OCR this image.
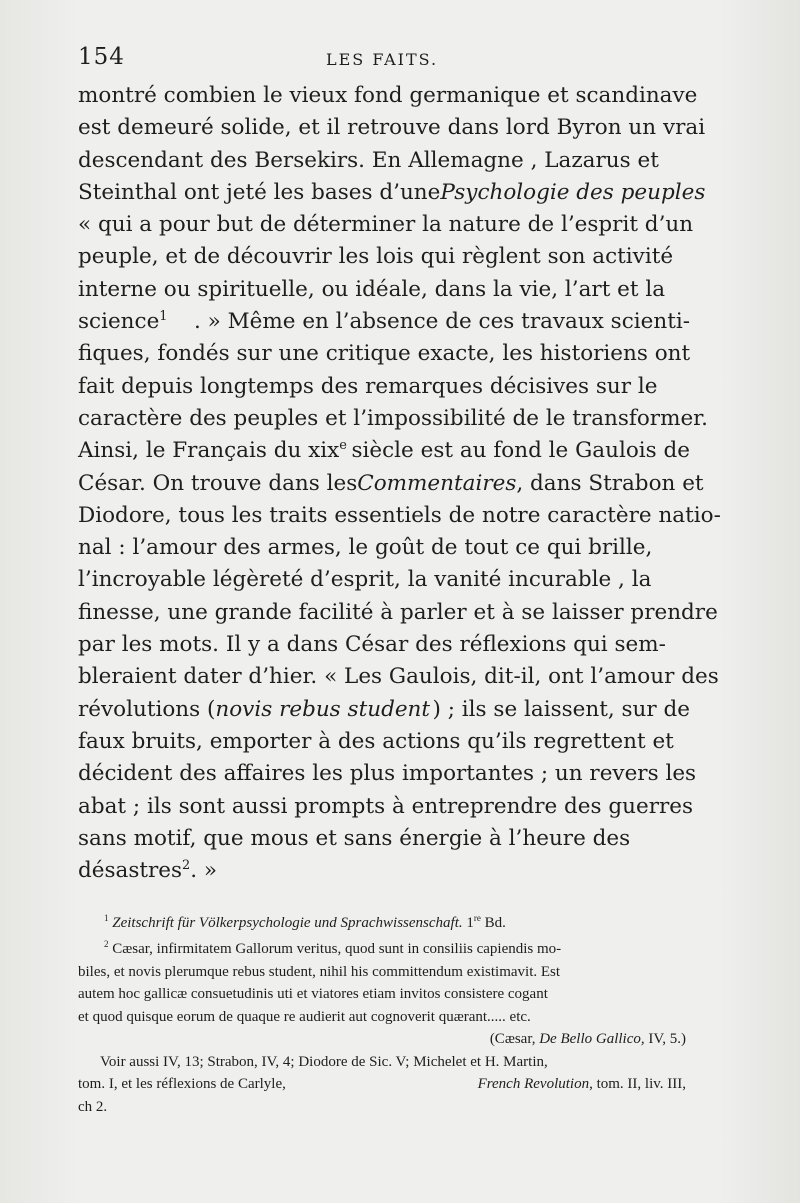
154	LES FAITS.
montré combien le vieux fond germanique et scandinave
est demeuré solide, et il retrouve dans lord Byron un vrai
descendant des Bersekirs. En Allemagne , Lazarus et
Steinthal ont jeté les bases d’une Psychologie des peuples
« qui a pour but de déterminer la nature de l’esprit d’un
peuple, et de découvrir les lois qui règlent son activité
interne ou spirituelle, ou idéale, dans la vie, l’art et la
science$^1$ . » Même en l’absence de ces travaux scienti-
fiques, fondés sur une critique exacte, les historiens ont
fait depuis longtemps des remarques décisives sur le
caractère des peuples et l’impossibilité de le transformer.
Ainsi, le Français du xix$^e$ siècle est au fond le Gaulois de
César. On trouve dans les Commentaires, dans Strabon et
Diodore, tous les traits essentiels de notre caractère natio-
nal : l’amour des armes, le goût de tout ce qui brille,
l’incroyable légèreté d’esprit, la vanité incurable , la
finesse, une grande facilité à parler et à se laisser prendre
par les mots. Il y a dans César des réflexions qui sem-
bleraient dater d’hier. « Les Gaulois, dit-il, ont l’amour des
révolutions (novis rebus student ) ; ils se laissent, sur de
faux bruits, emporter à des actions qu’ils regrettent et
décident des affaires les plus importantes ; un revers les
abat ; ils sont aussi prompts à entreprendre des guerres
sans motif, que mous et sans énergie à l’heure des
désastres$^2$. »
$^1$ Zeitschrift für Völkerpsychologie und Sprachwissenschaft. 1re Bd.
$^2$ Cæsar, infirmitatem Gallorum veritus, quod sunt in consiliis capiendis mo-
biles, et novis plerumque rebus student, nihil his committendum existimavit. Est
autem hoc gallicæ consuetudinis uti et viatores etiam invitos consistere cogant
et quod quisque eorum de quaque re audierit aut cognoverit quærant..... etc.
(Cæsar, De Bello Gallico, IV, 5.)
Voir aussi IV, 13; Strabon, IV, 4; Diodore de Sic. V; Michelet et H. Martin,
tom. I, et les réflexions de Carlyle,	French Revolution, tom. II, liv. III,
ch 2.
